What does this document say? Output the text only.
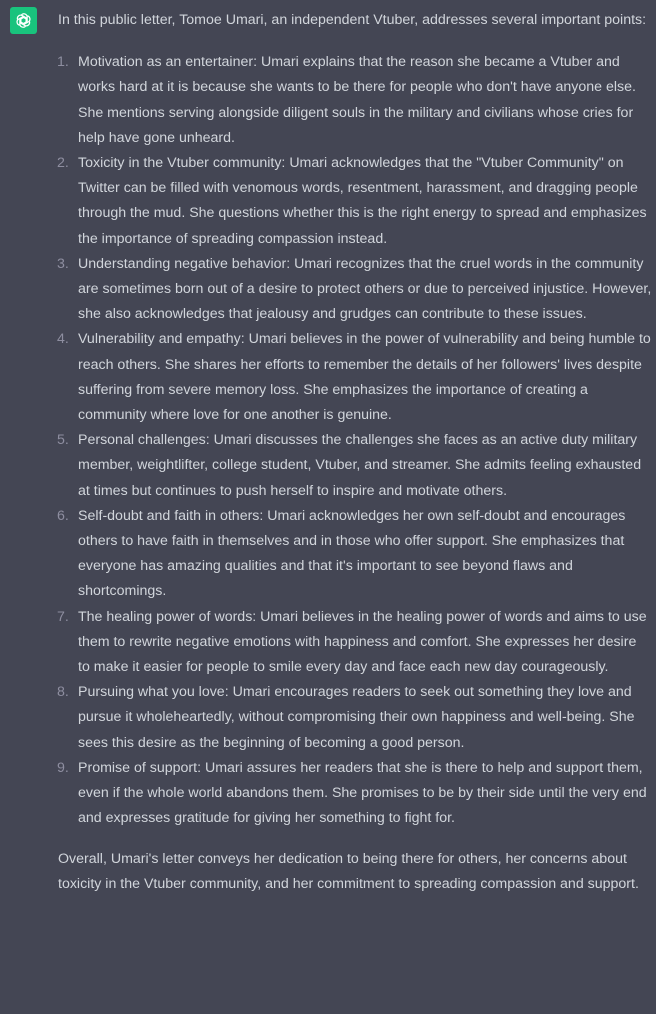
In this public letter, Tomoe Umari, an independent Vtuber, addresses several important points:

1. Motivation as an entertainer: Umari explains that the reason she became a Vtuber and works hard at it is because she wants to be there for people who don't have anyone else. She mentions serving alongside diligent souls in the military and civilians whose cries for help have gone unheard.
2. Toxicity in the Vtuber community: Umari acknowledges that the "Vtuber Community" on Twitter can be filled with venomous words, resentment, harassment, and dragging people through the mud. She questions whether this is the right energy to spread and emphasizes the importance of spreading compassion instead.
3. Understanding negative behavior: Umari recognizes that the cruel words in the community are sometimes born out of a desire to protect others or due to perceived injustice. However, she also acknowledges that jealousy and grudges can contribute to these issues.
4. Vulnerability and empathy: Umari believes in the power of vulnerability and being humble to reach others. She shares her efforts to remember the details of her followers' lives despite suffering from severe memory loss. She emphasizes the importance of creating a community where love for one another is genuine.
5. Personal challenges: Umari discusses the challenges she faces as an active duty military member, weightlifter, college student, Vtuber, and streamer. She admits feeling exhausted at times but continues to push herself to inspire and motivate others.
6. Self-doubt and faith in others: Umari acknowledges her own self-doubt and encourages others to have faith in themselves and in those who offer support. She emphasizes that everyone has amazing qualities and that it's important to see beyond flaws and shortcomings.
7. The healing power of words: Umari believes in the healing power of words and aims to use them to rewrite negative emotions with happiness and comfort. She expresses her desire to make it easier for people to smile every day and face each new day courageously.
8. Pursuing what you love: Umari encourages readers to seek out something they love and pursue it wholeheartedly, without compromising their own happiness and well-being. She sees this desire as the beginning of becoming a good person.
9. Promise of support: Umari assures her readers that she is there to help and support them, even if the whole world abandons them. She promises to be by their side until the very end and expresses gratitude for giving her something to fight for.

Overall, Umari's letter conveys her dedication to being there for others, her concerns about toxicity in the Vtuber community, and her commitment to spreading compassion and support.
